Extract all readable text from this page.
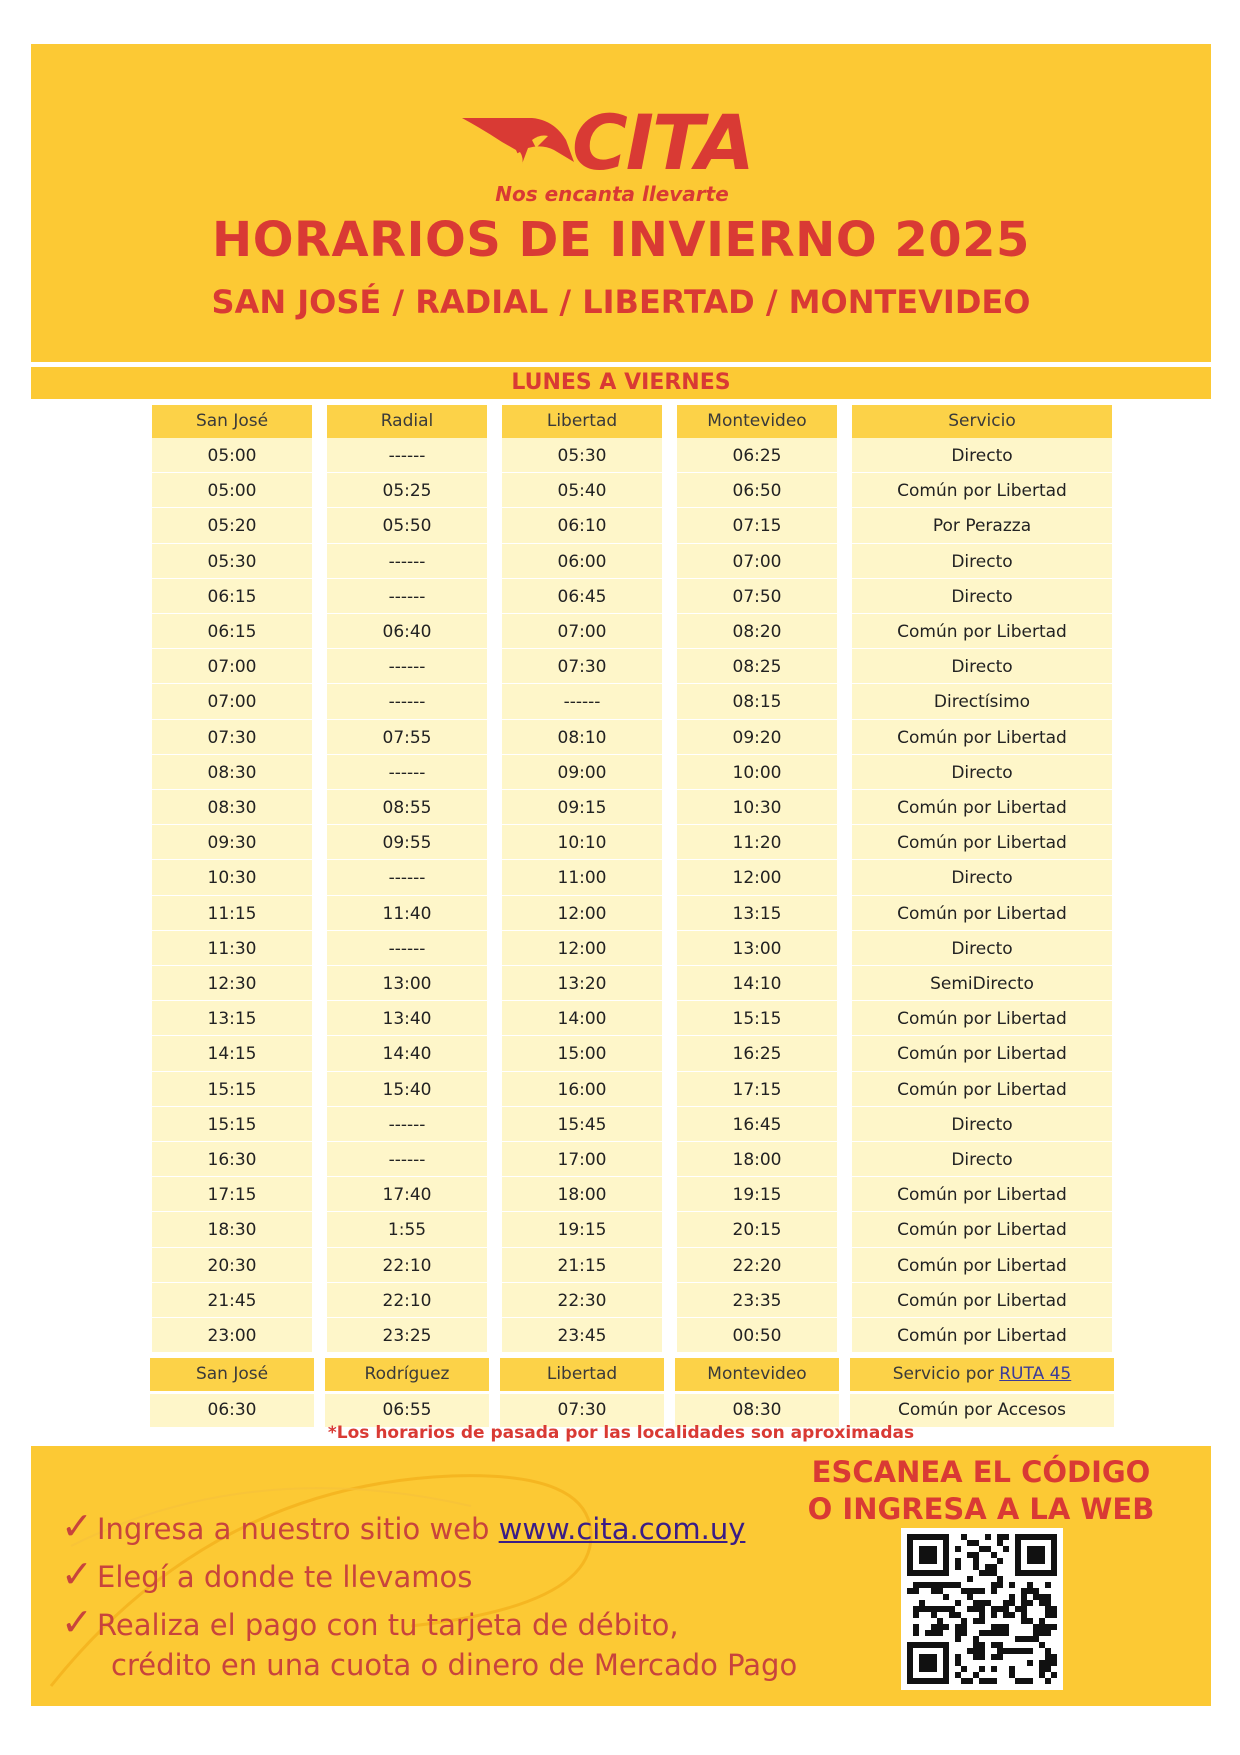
CITA
Nos encanta llevarte
HORARIOS DE INVIERNO 2025
SAN JOSÉ / RADIAL / LIBERTAD / MONTEVIDEO
LUNES A VIERNES
San José
05:00
05:00
05:20
05:30
06:15
06:15
07:00
07:00
07:30
08:30
08:30
09:30
10:30
11:15
11:30
12:30
13:15
14:15
15:15
15:15
16:30
17:15
18:30
20:30
21:45
23:00
Radial
------
05:25
05:50
------
------
06:40
------
------
07:55
------
08:55
09:55
------
11:40
------
13:00
13:40
14:40
15:40
------
------
17:40
1:55
22:10
22:10
23:25
Libertad
05:30
05:40
06:10
06:00
06:45
07:00
07:30
------
08:10
09:00
09:15
10:10
11:00
12:00
12:00
13:20
14:00
15:00
16:00
15:45
17:00
18:00
19:15
21:15
22:30
23:45
Montevideo
06:25
06:50
07:15
07:00
07:50
08:20
08:25
08:15
09:20
10:00
10:30
11:20
12:00
13:15
13:00
14:10
15:15
16:25
17:15
16:45
18:00
19:15
20:15
22:20
23:35
00:50
Servicio
Directo
Común por Libertad
Por Perazza
Directo
Directo
Común por Libertad
Directo
Directísimo
Común por Libertad
Directo
Común por Libertad
Común por Libertad
Directo
Común por Libertad
Directo
SemiDirecto
Común por Libertad
Común por Libertad
Común por Libertad
Directo
Directo
Común por Libertad
Común por Libertad
Común por Libertad
Común por Libertad
Común por Libertad
San José
06:30
Rodríguez
06:55
Libertad
07:30
Montevideo
08:30
Servicio por RUTA 45
Común por Accesos
*Los horarios de pasada por las localidades son aproximadas
ESCANEA EL CÓDIGO
O INGRESA A LA WEB
✓ Ingresa a nuestro sitio web www.cita.com.uy
✓ Elegí a donde te llevamos
✓ Realiza el pago con tu tarjeta de débito,
crédito en una cuota o dinero de Mercado Pago
